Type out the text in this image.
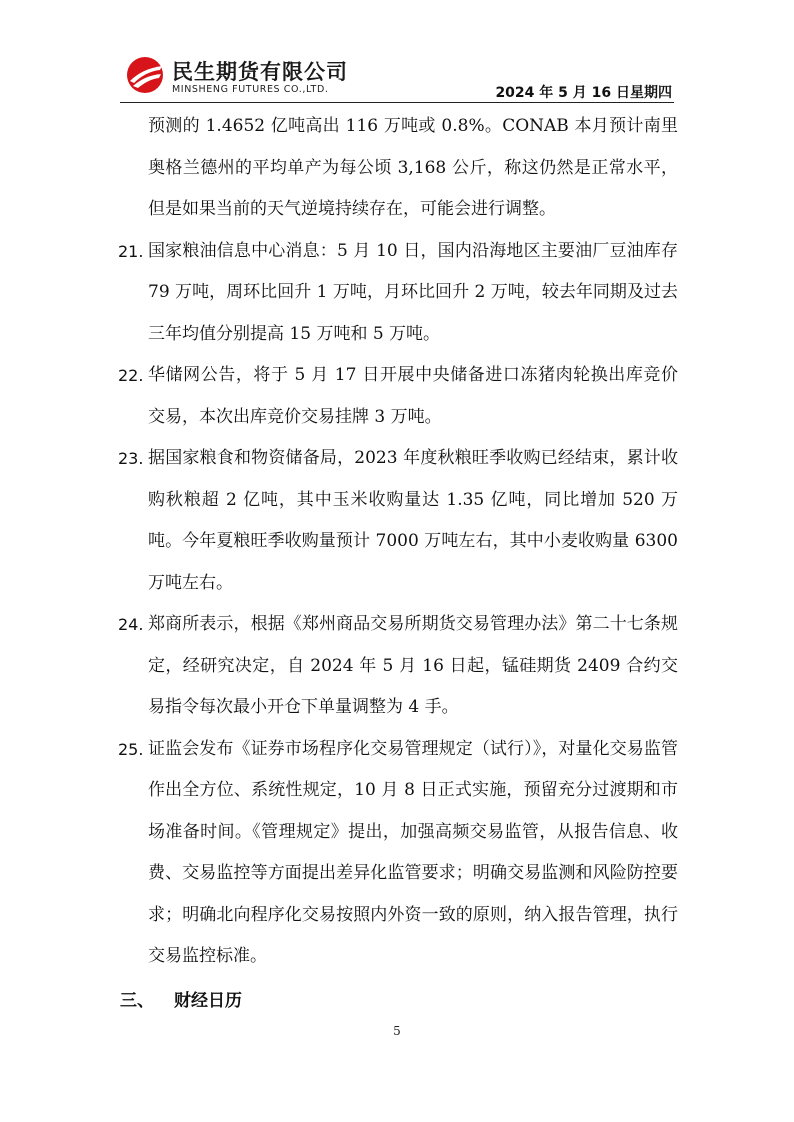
民生期货有限公司
MINSHENG FUTURES CO.,LTD.	2024 年 5 月 16 日星期四
预测的 1.4652 亿吨高出 116 万吨或 0.8%。CONAB 本月预计南里奥格兰德州的平均单产为每公顷 3,168 公斤，称这仍然是正常水平，但是如果当前的天气逆境持续存在，可能会进行调整。
21. 国家粮油信息中心消息：5 月 10 日，国内沿海地区主要油厂豆油库存 79 万吨，周环比回升 1 万吨，月环比回升 2 万吨，较去年同期及过去三年均值分别提高 15 万吨和 5 万吨。
22. 华储网公告，将于 5 月 17 日开展中央储备进口冻猪肉轮换出库竞价交易，本次出库竞价交易挂牌 3 万吨。
23. 据国家粮食和物资储备局，2023 年度秋粮旺季收购已经结束，累计收购秋粮超 2 亿吨，其中玉米收购量达 1.35 亿吨，同比增加 520 万吨。今年夏粮旺季收购量预计 7000 万吨左右，其中小麦收购量 6300 万吨左右。
24. 郑商所表示，根据《郑州商品交易所期货交易管理办法》第二十七条规定，经研究决定，自 2024 年 5 月 16 日起，锰硅期货 2409 合约交易指令每次最小开仓下单量调整为 4 手。
25. 证监会发布《证券市场程序化交易管理规定（试行）》，对量化交易监管作出全方位、系统性规定，10 月 8 日正式实施，预留充分过渡期和市场准备时间。《管理规定》提出，加强高频交易监管，从报告信息、收费、交易监控等方面提出差异化监管要求；明确交易监测和风险防控要求；明确北向程序化交易按照内外资一致的原则，纳入报告管理，执行交易监控标准。
三、 财经日历
5
